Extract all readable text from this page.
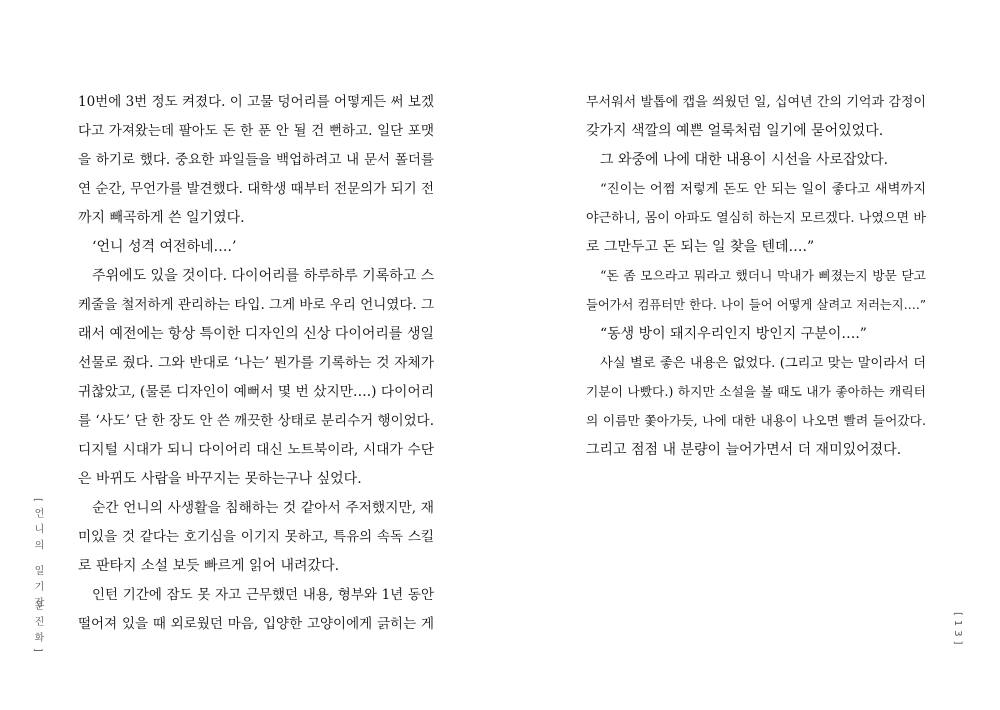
10번에 3번 정도 켜졌다. 이 고물 덩어리를 어떻게든 써 보겠
다고 가져왔는데 팔아도 돈 한 푼 안 될 건 뻔하고. 일단 포맷
을 하기로 했다. 중요한 파일들을 백업하려고 내 문서 폴더를
연 순간, 무언가를 발견했다. 대학생 때부터 전문의가 되기 전
까지 빼곡하게 쓴 일기였다.
‘언니 성격 여전하네….’
주위에도 있을 것이다. 다이어리를 하루하루 기록하고 스
케줄을 철저하게 관리하는 타입. 그게 바로 우리 언니였다. 그
래서 예전에는 항상 특이한 디자인의 신상 다이어리를 생일
선물로 줬다. 그와 반대로 ‘나는’ 뭔가를 기록하는 것 자체가
귀찮았고, (물론 디자인이 예뻐서 몇 번 샀지만….) 다이어리
를 ‘사도’ 단 한 장도 안 쓴 깨끗한 상태로 분리수거 행이었다.
디지털 시대가 되니 다이어리 대신 노트북이라, 시대가 수단
은 바뀌도 사람을 바꾸지는 못하는구나 싶었다.
순간 언니의 사생활을 침해하는 것 같아서 주저했지만, 재
미있을 것 같다는 호기심을 이기지 못하고, 특유의 속독 스킬
로 판타지 소설 보듯 빠르게 읽어 내려갔다.
인턴 기간에 잠도 못 자고 근무했던 내용, 형부와 1년 동안
떨어져 있을 때 외로웠던 마음, 입양한 고양이에게 긁히는 게
[언니의 일기장
문진화]
무서워서 발톱에 캡을 씌웠던 일, 십여년 간의 기억과 감정이
갖가지 색깔의 예쁜 얼룩처럼 일기에 묻어있었다.
그 와중에 나에 대한 내용이 시선을 사로잡았다.
“진이는 어쩜 저렇게 돈도 안 되는 일이 좋다고 새벽까지
야근하니, 몸이 아파도 열심히 하는지 모르겠다. 나였으면 바
로 그만두고 돈 되는 일 찾을 텐데….”
“돈 좀 모으라고 뭐라고 했더니 막내가 삐졌는지 방문 닫고
들어가서 컴퓨터만 한다. 나이 들어 어떻게 살려고 저러는지….”
“동생 방이 돼지우리인지 방인지 구분이….”
사실 별로 좋은 내용은 없었다. (그리고 맞는 말이라서 더
기분이 나빴다.) 하지만 소설을 볼 때도 내가 좋아하는 캐릭터
의 이름만 쫓아가듯, 나에 대한 내용이 나오면 빨려 들어갔다.
그리고 점점 내 분량이 늘어가면서 더 재미있어졌다.
[13]
